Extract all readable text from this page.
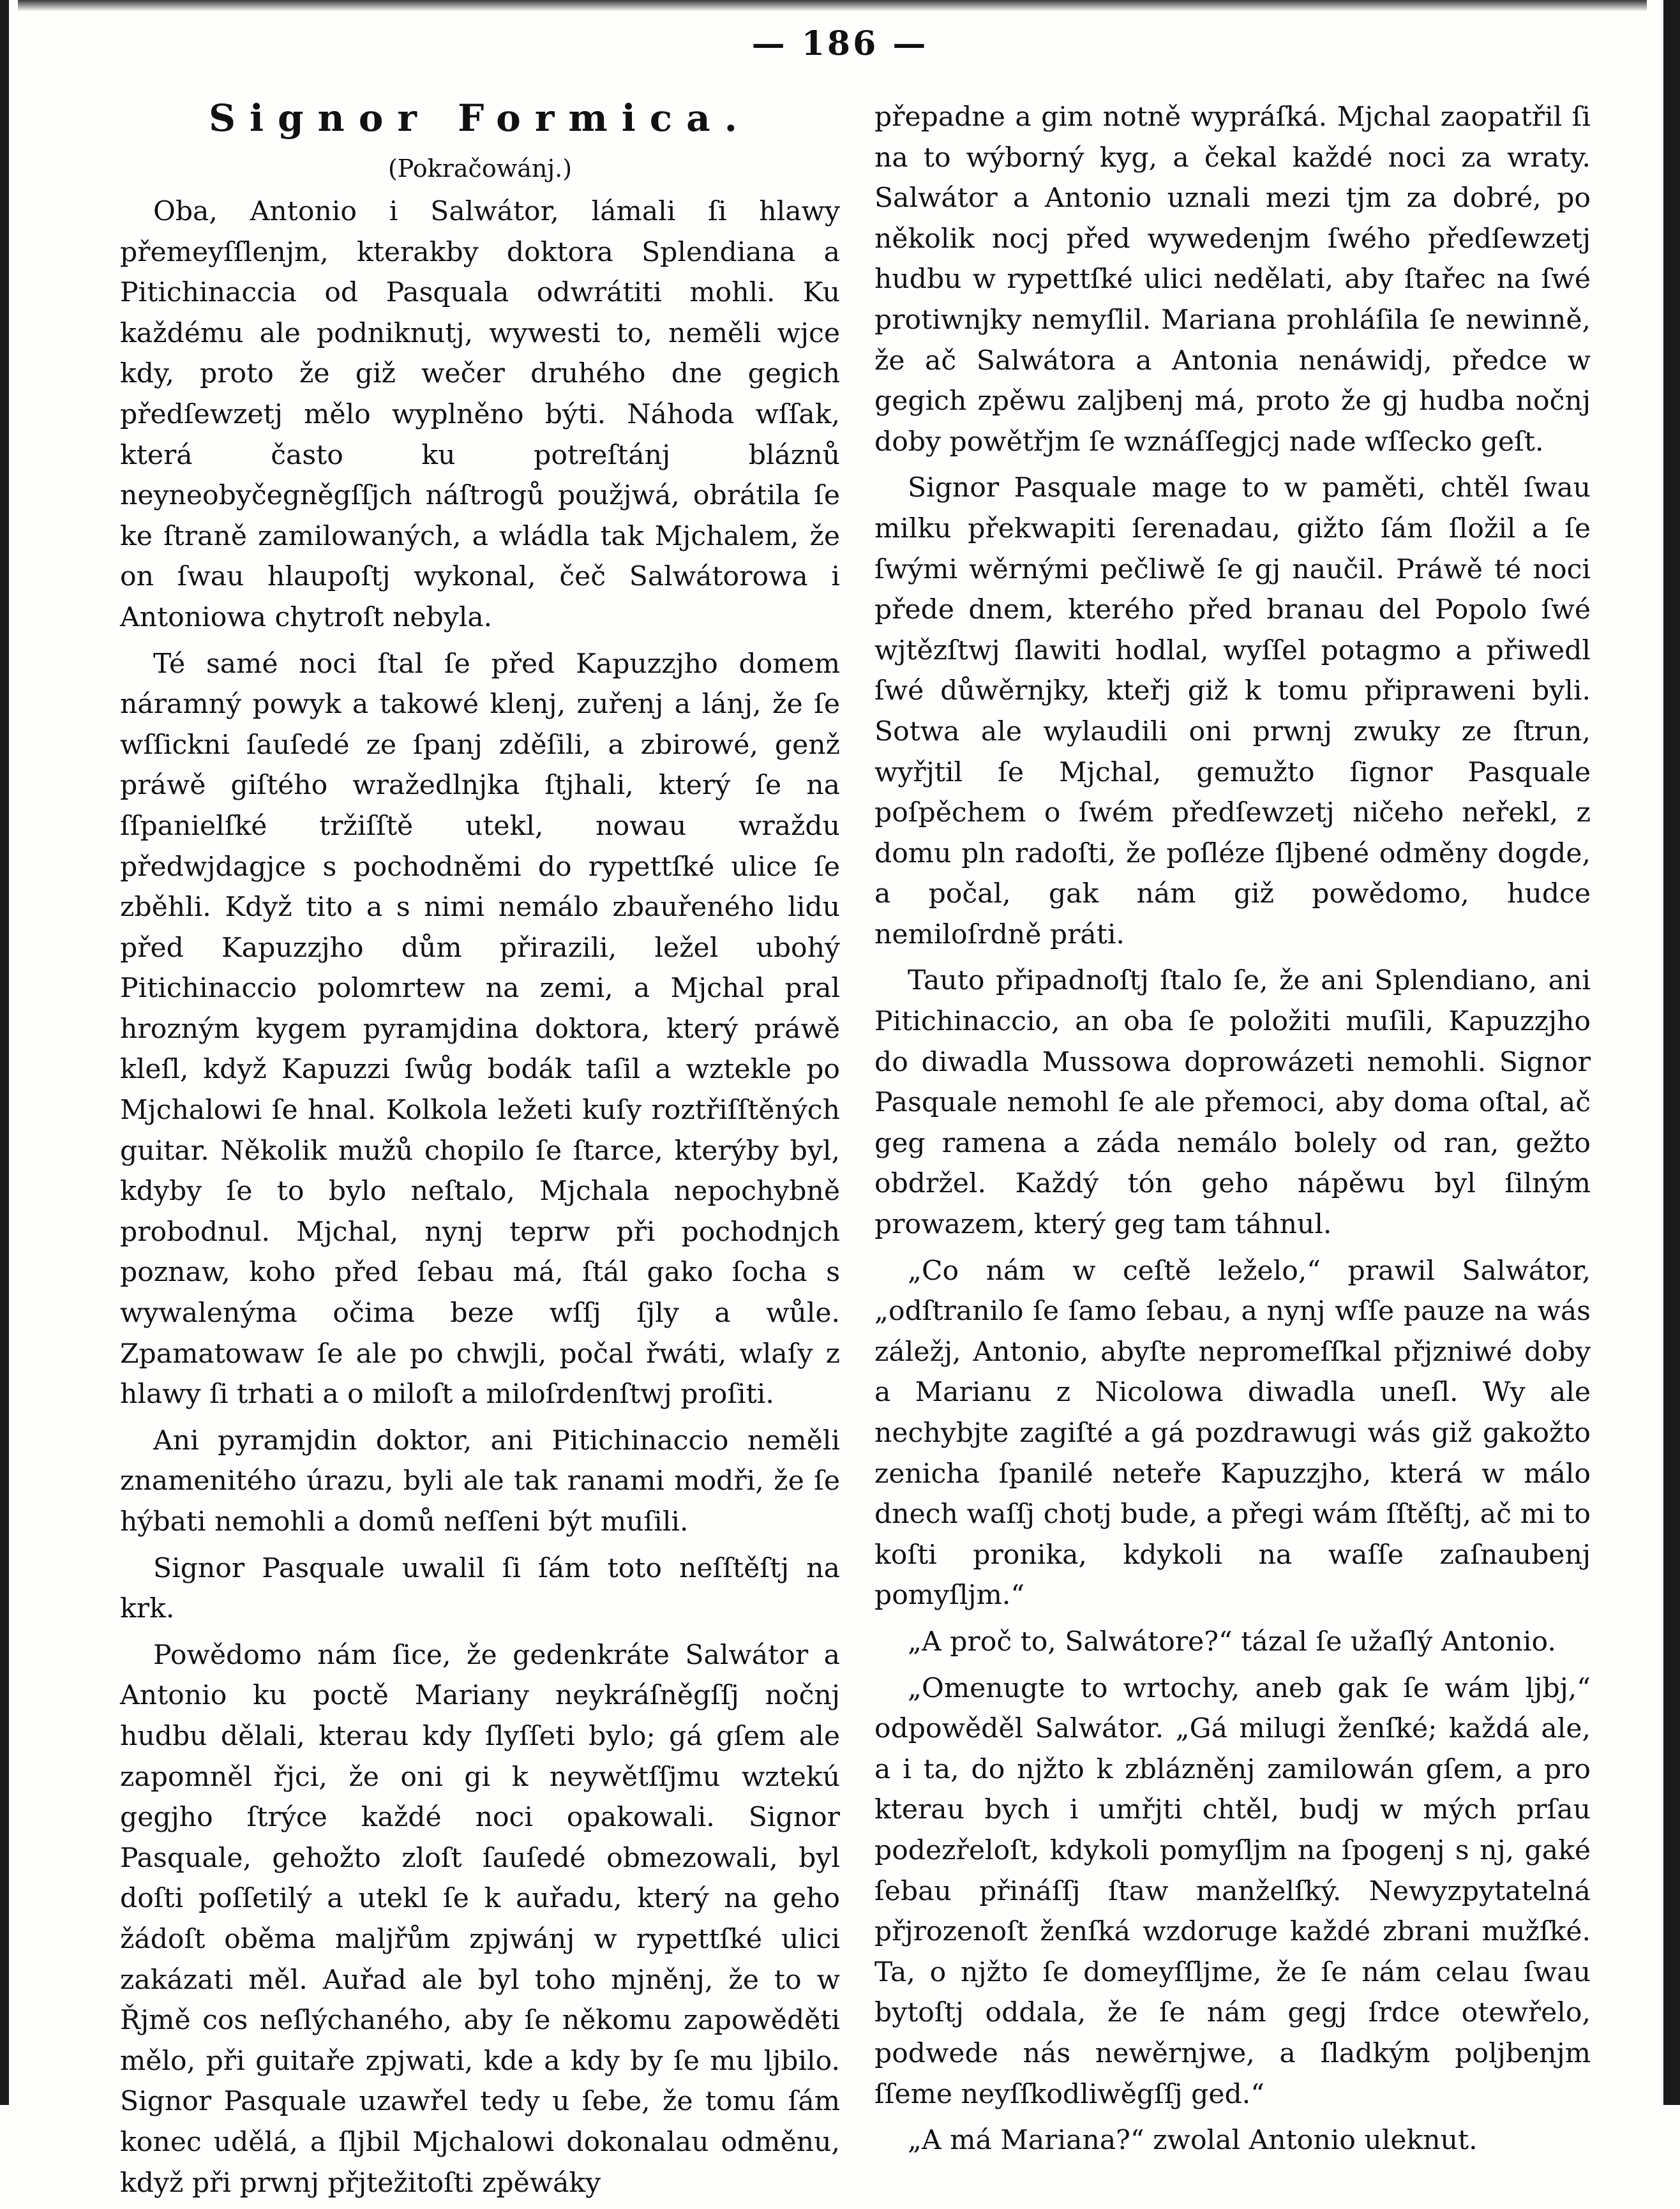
— 186 —
Signor Formica.
(Pokračowánj.)

Oba, Antonio i Salwátor, lámali ſi hlawy přemeyſſlenjm, kterakby doktora Splendiana a Pitichinaccia od Pasquala odwrátiti mohli. Ku každému ale podniknutj, wywesti to, neměli wjce kdy, proto že giž wečer druhého dne gegich předſewzetj mělo wyplněno býti. Náhoda wſſak, která často ku potreſtánj bláznů neyneobyčegněgſſjch náſtrogů použjwá, obrátila ſe ke ſtraně zamilowaných, a wládla tak Mjchalem, že on ſwau hlaupoſtj wykonal, čeč Salwátorowa i Antoniowa chytroſt nebyla.

Té samé noci ſtal ſe před Kapuzzjho domem náramný powyk a takowé klenj, zuřenj a lánj, že ſe wſſickni ſauſedé ze ſpanj zděſili, a zbirowé, genž práwě giſtého wražedlnjka ſtjhali, který ſe na ſſpanielſké tržiſſtě utekl, nowau wraždu předwjdagjce s pochodněmi do rypettſké ulice ſe zběhli. Když tito a s nimi nemálo zbauřeného lidu před Kapuzzjho dům přirazili, ležel ubohý Pitichinaccio polomrtew na zemi, a Mjchal pral hrozným kygem pyramjdina doktora, který práwě kleſl, když Kapuzzi ſwůg bodák taſil a wztekle po Mjchalowi ſe hnal. Kolkola ležeti kuſy roztřiſſtěných guitar. Několik mužů chopilo ſe ſtarce, kterýby byl, kdyby ſe to bylo neſtalo, Mjchala nepochybně probodnul. Mjchal, nynj teprw při pochodnjch poznaw, koho před ſebau má, ſtál gako ſocha s wywalenýma očima beze wſſj ſjly a wůle. Zpamatowaw ſe ale po chwjli, počal řwáti, wlaſy z hlawy ſi trhati a o miloſt a miloſrdenſtwj proſiti.

Ani pyramjdin doktor, ani Pitichinaccio neměli znamenitého úrazu, byli ale tak ranami modři, že ſe hýbati nemohli a domů neſſeni být muſili.

Signor Pasquale uwalil ſi ſám toto neſſtěſtj na krk.

Powědomo nám ſice, že gedenkráte Salwátor a Antonio ku poctě Mariany neykráſněgſſj nočnj hudbu dělali, kterau kdy ſlyſſeti bylo; gá gſem ale zapomněl řjci, že oni gi k neywětſſjmu wztekú gegjho ſtrýce každé noci opakowali. Signor Pasquale, gehožto zloſt ſauſedé obmezowali, byl doſti poſſetilý a utekl ſe k auřadu, který na geho žádoſt oběma maljřům zpjwánj w rypettſké ulici zakázati měl. Auřad ale byl toho mjněnj, že to w Řjmě cos neſlýchaného, aby ſe někomu zapowěděti mělo, při guitaře zpjwati, kde a kdy by ſe mu ljbilo. Signor Pasquale uzawřel tedy u ſebe, že tomu ſám konec udělá, a ſljbil Mjchalowi dokonalau odměnu, když při prwnj přjtežitoſti zpěwáky

přepadne a gim notně wypráſká. Mjchal zaopatřil ſi na to wýborný kyg, a čekal každé noci za wraty. Salwátor a Antonio uznali mezi tjm za dobré, po několik nocj před wywedenjm ſwého předſewzetj hudbu w rypettſké ulici nedělati, aby ſtařec na ſwé protiwnjky nemyſlil. Mariana prohláſila ſe newinně, že ač Salwátora a Antonia nenáwidj, předce w gegich zpěwu zaljbenj má, proto že gj hudba nočnj doby powětřjm ſe wznáſſegjcj nade wſſecko geſt.

Signor Pasquale mage to w paměti, chtěl ſwau milku překwapiti ſerenadau, gižto ſám ſložil a ſe ſwými wěrnými pečliwě ſe gj naučil. Práwě té noci přede dnem, kterého před branau del Popolo ſwé wjtězſtwj ſlawiti hodlal, wyſſel potagmo a přiwedl ſwé důwěrnjky, kteřj giž k tomu připraweni byli. Sotwa ale wylaudili oni prwnj zwuky ze ſtrun, wyřjtil ſe Mjchal, gemužto ſignor Pasquale poſpěchem o ſwém předſewzetj ničeho neřekl, z domu pln radoſti, že poſléze ſljbené odměny dogde, a počal, gak nám giž powědomo, hudce nemiloſrdně práti.

Tauto připadnoſtj ſtalo ſe, že ani Splendiano, ani Pitichinaccio, an oba ſe položiti muſili, Kapuzzjho do diwadla Mussowa doprowázeti nemohli. Signor Pasquale nemohl ſe ale přemoci, aby doma oſtal, ač geg ramena a záda nemálo bolely od ran, gežto obdržel. Každý tón geho nápěwu byl ſilným prowazem, který geg tam táhnul.

„Co nám w ceſtě leželo,“ prawil Salwátor, „odſtranilo ſe ſamo ſebau, a nynj wſſe pauze na wás záležj, Antonio, abyſte nepromeſſkal přjzniwé doby a Marianu z Nicolowa diwadla uneſl. Wy ale nechybjte zagiſté a gá pozdrawugi wás giž gakožto zenicha ſpanilé neteře Kapuzzjho, která w málo dnech waſſj chotj bude, a přegi wám ſſtěſtj, ač mi to koſti pronika, kdykoli na waſſe zaſnaubenj pomyſljm.“

„A proč to, Salwátore?“ tázal ſe užaſlý Antonio.

„Omenugte to wrtochy, aneb gak ſe wám ljbj,“ odpowěděl Salwátor. „Gá milugi ženſké; každá ale, a i ta, do njžto k zblázněnj zamilowán gſem, a pro kterau bych i umřjti chtěl, budj w mých prſau podezřeloſt, kdykoli pomyſljm na ſpogenj s nj, gaké ſebau přináſſj ſtaw manželſký. Newyzpytatelná přjrozenoſt ženſká wzdoruge každé zbrani mužſké. Ta, o njžto ſe domeyſſljme, že ſe nám celau ſwau bytoſtj oddala, že ſe nám gegj ſrdce otewřelo, podwede nás newěrnjwe, a ſladkým poljbenjm ſſeme neyſſkodliwěgſſj ged.“

„A má Mariana?“ zwolal Antonio uleknut.
